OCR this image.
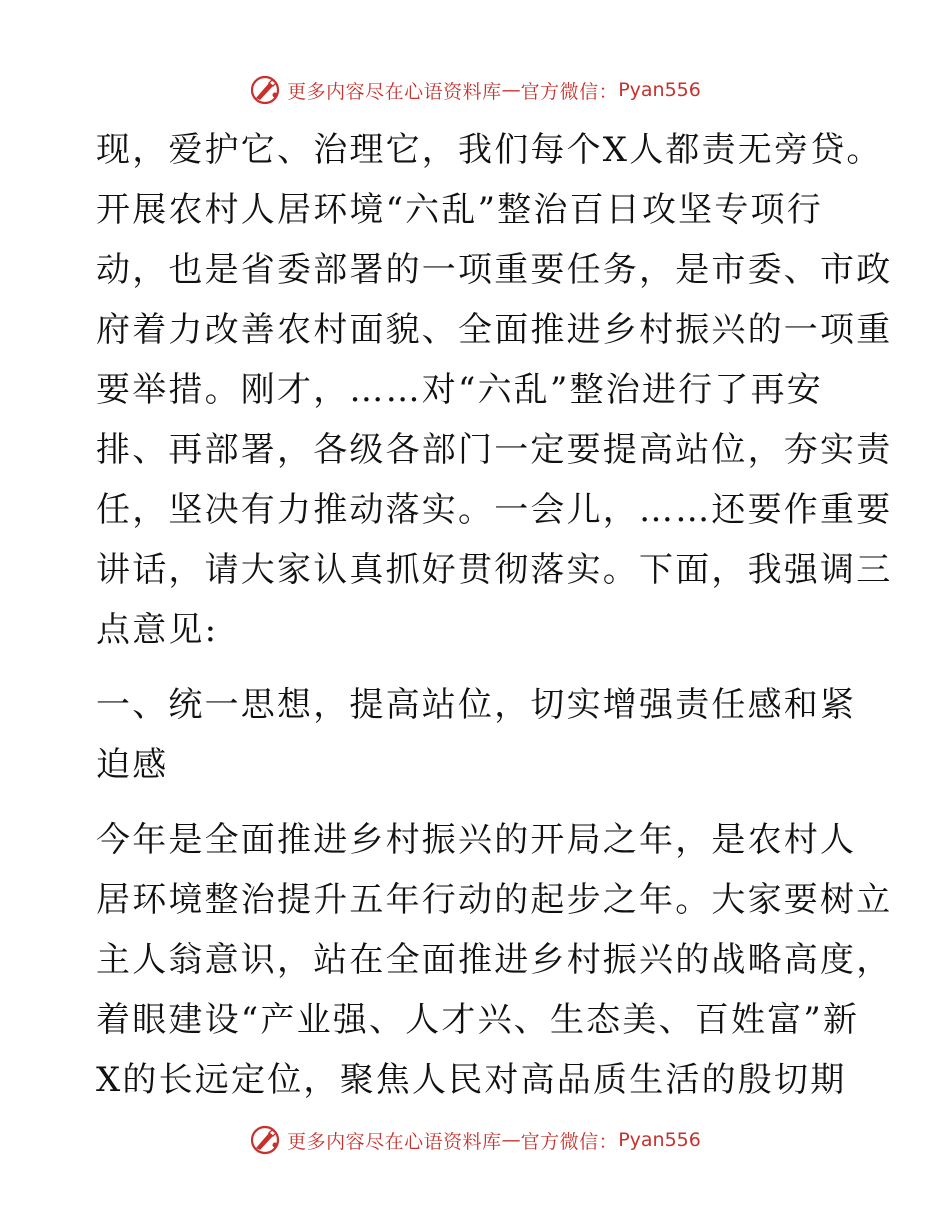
更多内容尽在心语资料库 — 官方微信： Pyan556
现，爱护它、治理它，我们每个X人都责无旁贷。
开展农村人居环境“六乱”整治百日攻坚专项行
动，也是省委部署的一项重要任务，是市委、市政
府着力改善农村面貌、全面推进乡村振兴的一项重
要举措。刚才，……对“六乱”整治进行了再安
排、再部署，各级各部门一定要提高站位，夯实责
任，坚决有力推动落实。一会儿，……还要作重要
讲话，请大家认真抓好贯彻落实。下面，我强调三
点意见:
一、统一思想，提高站位，切实增强责任感和紧
迫感
今年是全面推进乡村振兴的开局之年，是农村人
居环境整治提升五年行动的起步之年。大家要树立
主人翁意识，站在全面推进乡村振兴的战略高度，
着眼建设“产业强、人才兴、生态美、百姓富”新
X的长远定位，聚焦人民对高品质生活的殷切期
更多内容尽在心语资料库 — 官方微信： Pyan556
